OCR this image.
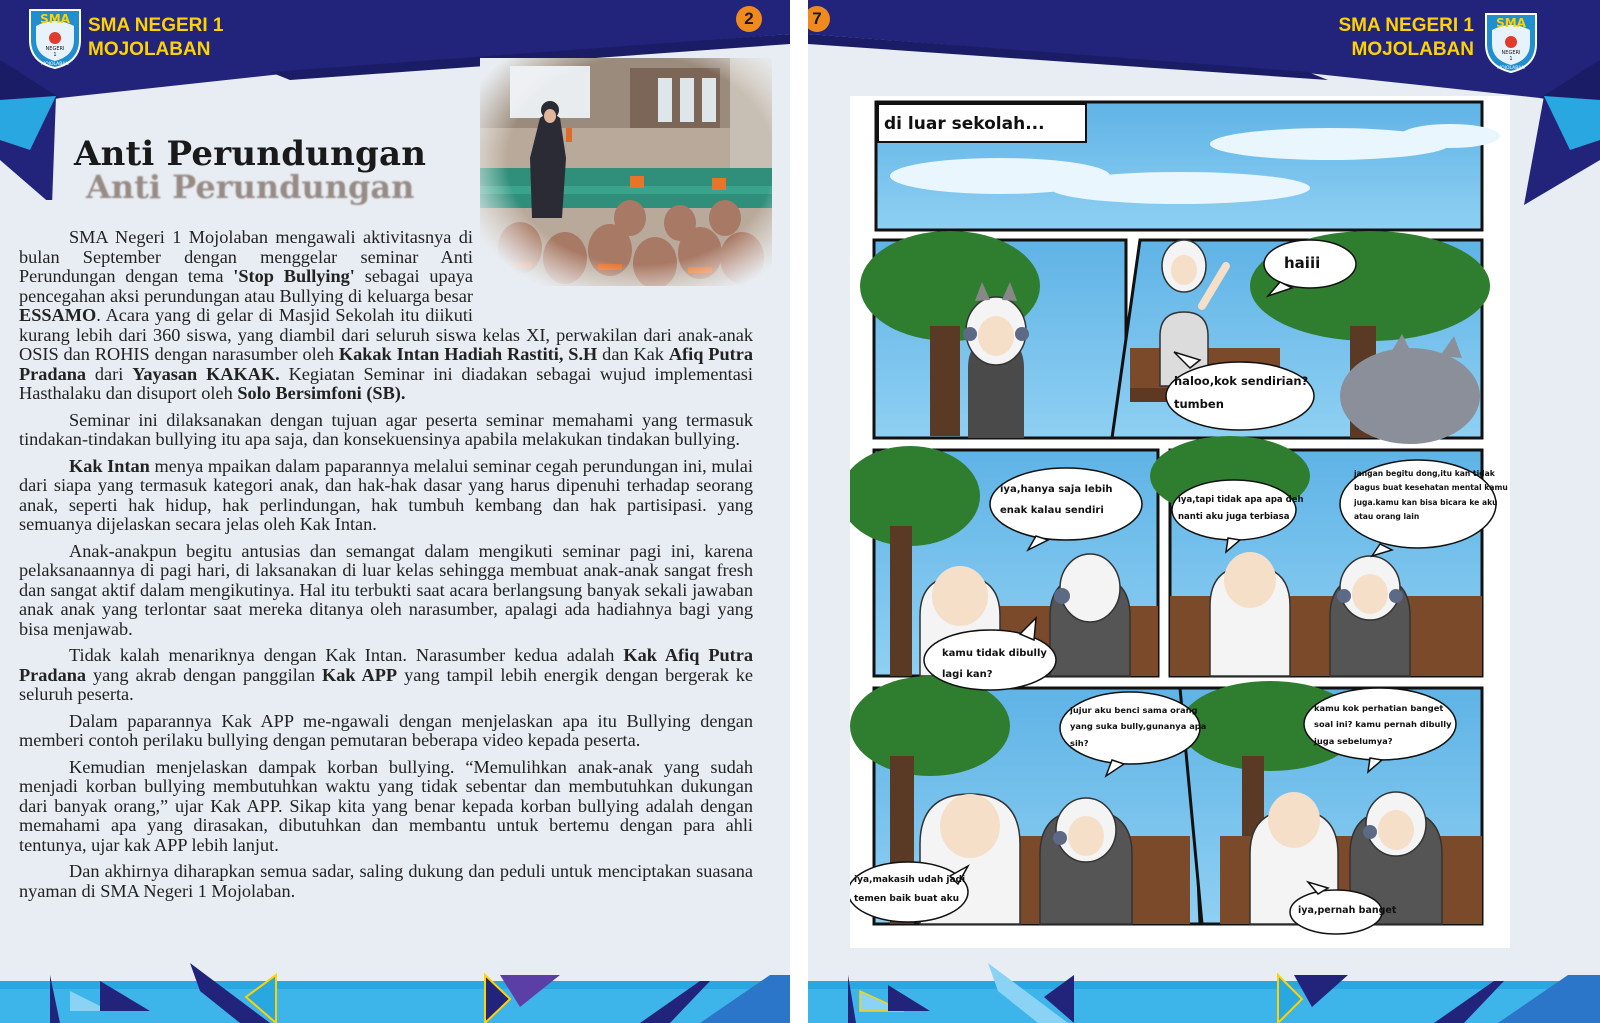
SMA
NEGERI
1
MOJOLABAN
SMA NEGERI 1
MOJOLABAN
2
Anti Perundungan
Anti Perundungan

SMA Negeri 1 Mojolaban mengawali aktivitasnya di bulan September dengan menggelar seminar Anti Perundungan dengan tema 'Stop Bullying' sebagai upaya pencegahan aksi perundungan atau Bullying di keluarga besar ESSAMO. Acara yang di gelar di Masjid Sekolah itu diikuti kurang lebih dari 360 siswa, yang diambil dari seluruh siswa kelas XI, perwakilan dari anak-anak OSIS dan ROHIS dengan narasumber oleh Kakak Intan Hadiah Rastiti, S.H dan Kak Afiq Putra Pradana dari Yayasan KAKAK. Kegiatan Seminar ini diadakan sebagai wujud implementasi Hasthalaku dan disuport oleh Solo Bersimfoni (SB).

Seminar ini dilaksanakan dengan tujuan agar peserta seminar memahami yang termasuk tindakan-tindakan bullying itu apa saja, dan konsekuensinya apabila melakukan tindakan bullying.

Kak Intan menya mpaikan dalam paparannya melalui seminar cegah perundungan ini, mulai dari siapa yang termasuk kategori anak, dan hak-hak dasar yang harus dipenuhi terhadap seorang anak, seperti hak hidup, hak perlindungan, hak tumbuh kembang dan hak partisipasi. yang semuanya dijelaskan secara jelas oleh Kak Intan.

Anak-anakpun begitu antusias dan semangat dalam mengikuti seminar pagi ini, karena pelaksanaannya di pagi hari, di laksanakan di luar kelas sehingga membuat anak-anak sangat fresh dan sangat aktif dalam mengikutinya. Hal itu terbukti saat acara berlangsung banyak sekali jawaban anak anak yang terlontar saat mereka ditanya oleh narasumber, apalagi ada hadiahnya bagi yang bisa menjawab.

Tidak kalah menariknya dengan Kak Intan. Narasumber kedua adalah Kak Afiq Putra Pradana yang akrab dengan panggilan Kak APP yang tampil lebih energik dengan bergerak ke seluruh peserta.

Dalam paparannya Kak APP me-ngawali dengan menjelaskan apa itu Bullying dengan memberi contoh perilaku bullying dengan pemutaran beberapa video kepada peserta.

Kemudian menjelaskan dampak korban bullying. “Memulihkan anak-anak yang sudah menjadi korban bullying membutuhkan waktu yang tidak sebentar dan membutuhkan dukungan dari banyak orang,” ujar Kak APP. Sikap kita yang benar kepada korban bullying adalah dengan memahami apa yang dirasakan, dibutuhkan dan membantu untuk bertemu dengan para ahli tentunya, ujar kak APP lebih lanjut.

Dan akhirnya diharapkan semua sadar, saling dukung dan peduli untuk menciptakan suasana nyaman di SMA Negeri 1 Mojolaban.

7	SMA NEGERI 1
MOJOLABAN
SMA
NEGERI
1
MOJOLABAN
di luar sekolah...
haiii
haloo,kok sendirian?
tumben
iya,hanya saja lebih
enak kalau sendiri
iya,tapi tidak apa apa deh
nanti aku juga terbiasa
jangan begitu dong,itu kan tidak
bagus buat kesehatan mental kamu
juga.kamu kan bisa bicara ke aku
atau orang lain
kamu tidak dibully
lagi kan?
jujur aku benci sama orang
yang suka bully,gunanya apa
sih?
kamu kok perhatian banget
soal ini? kamu pernah dibully
juga sebelumya?
iya,makasih udah jadi
temen baik buat aku
iya,pernah banget
